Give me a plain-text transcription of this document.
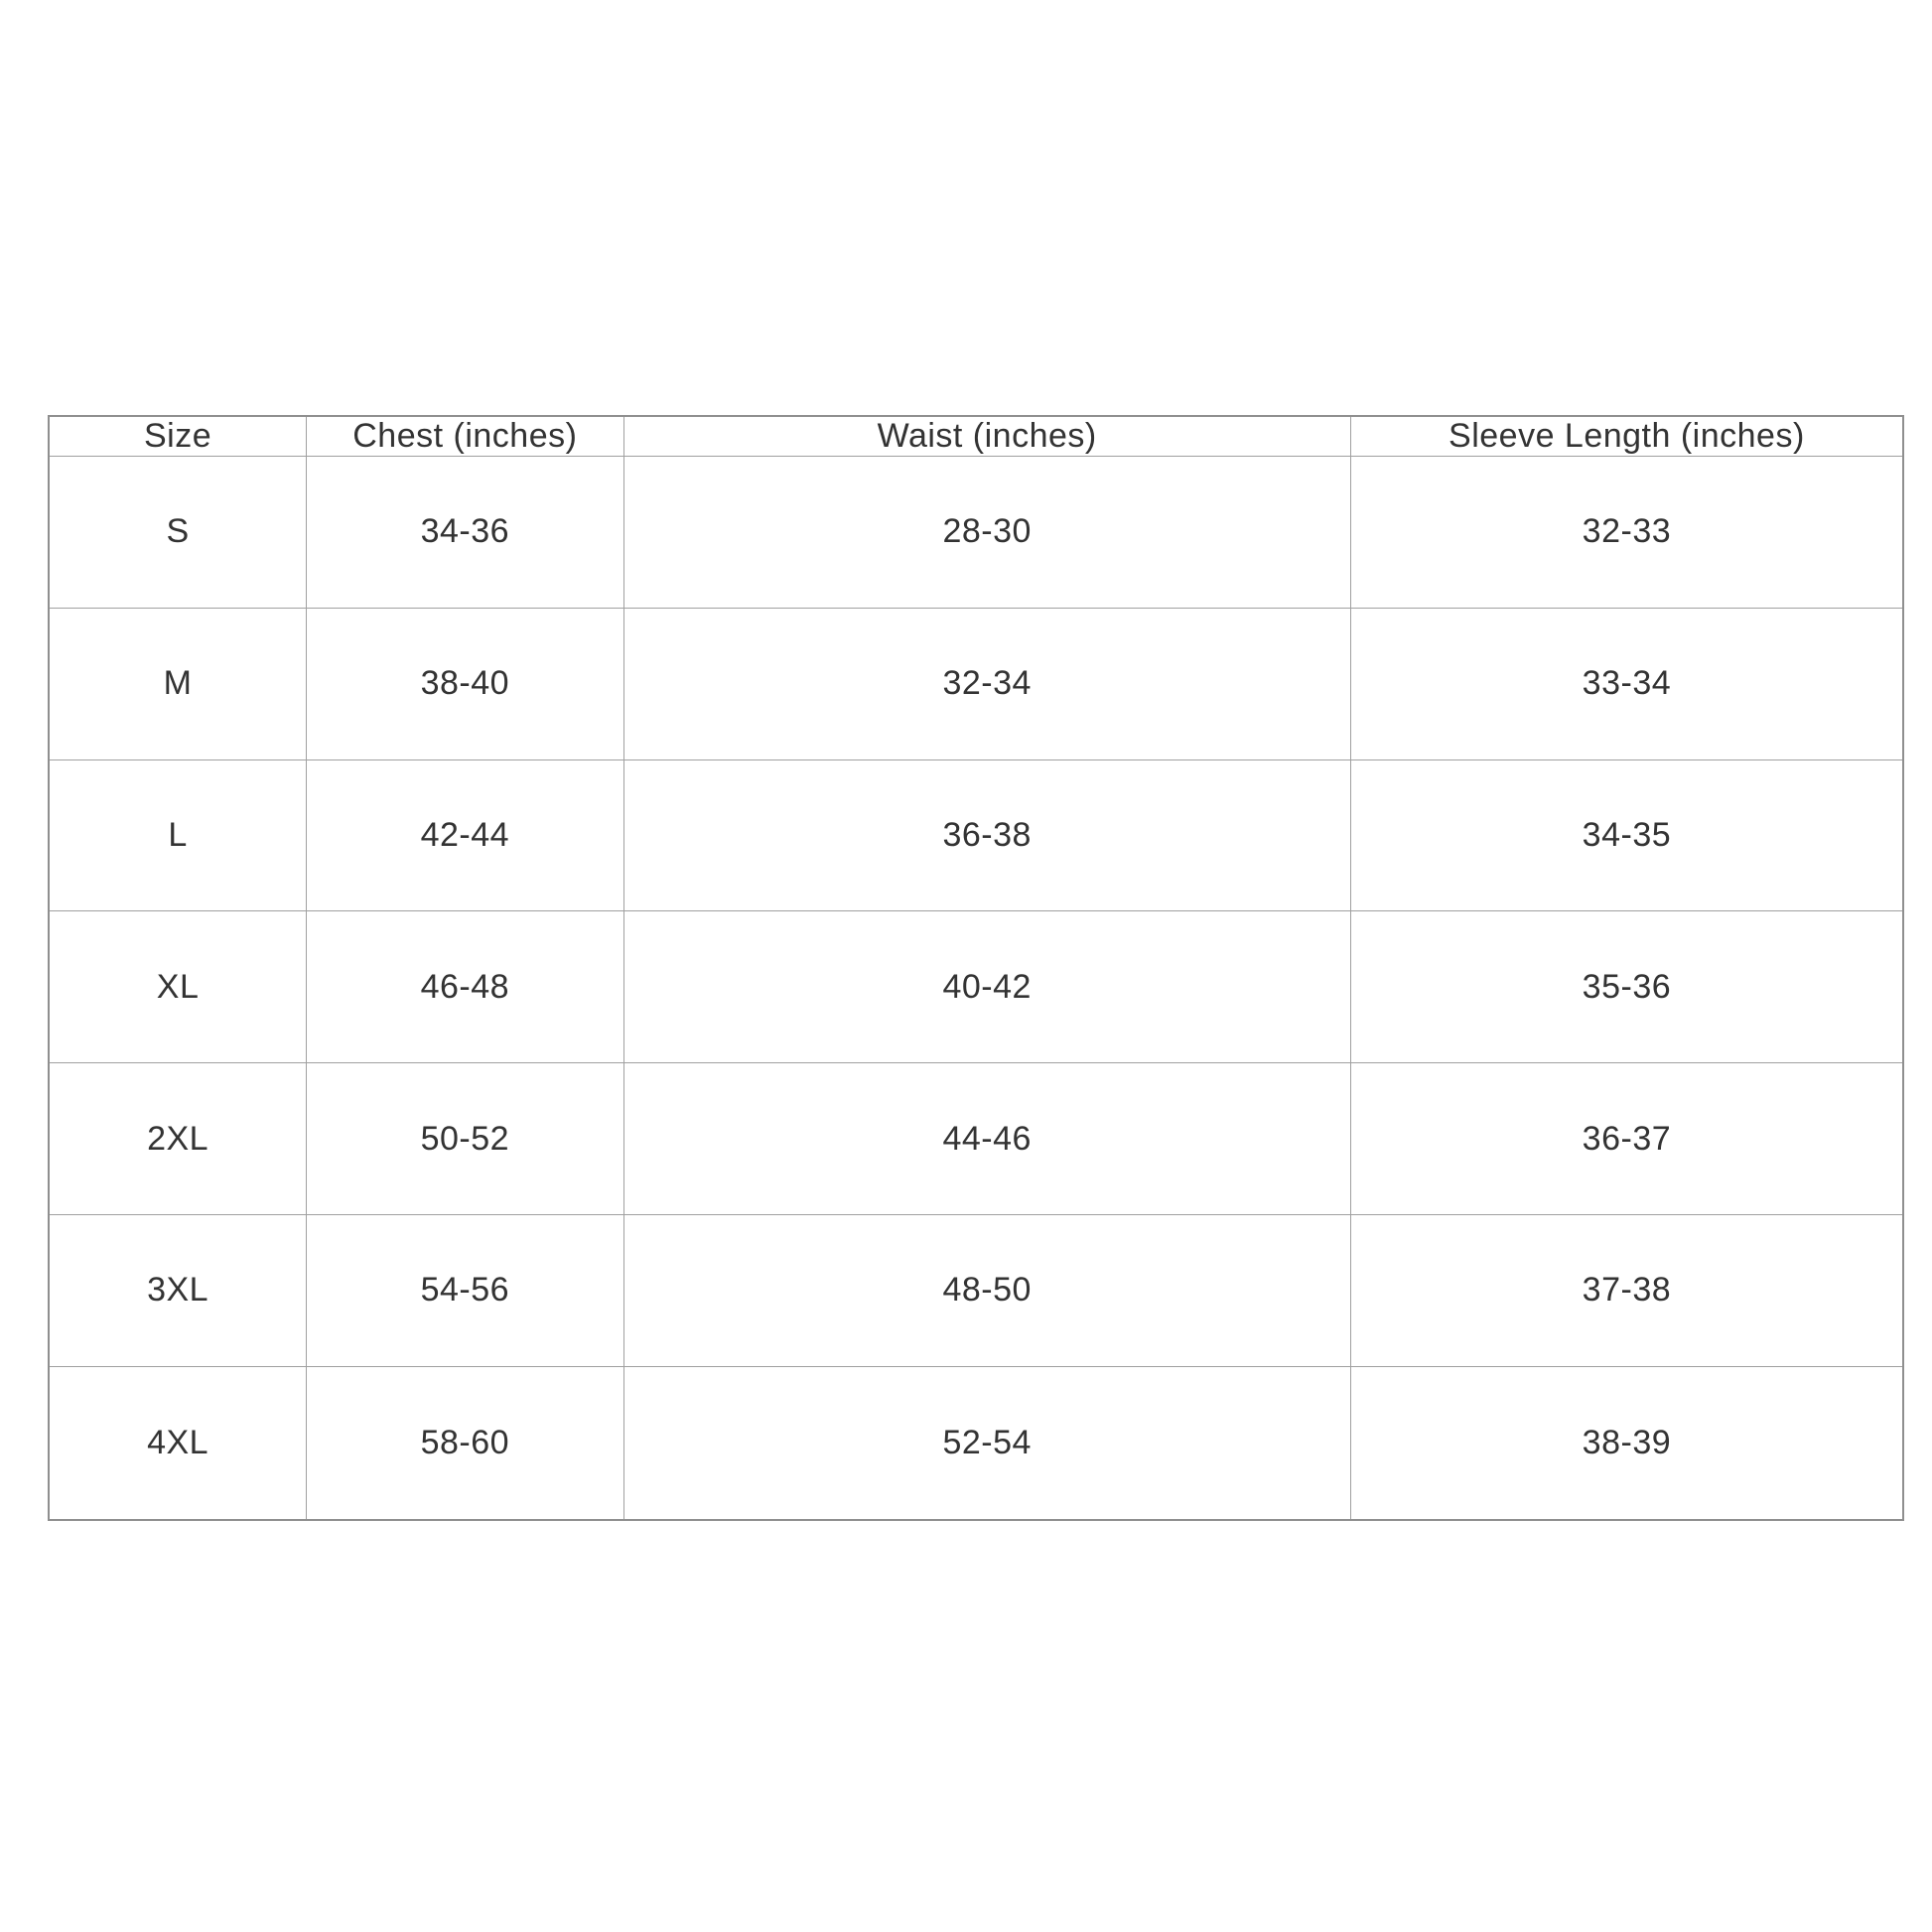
Size	Chest (inches)	Waist (inches)	Sleeve Length (inches)
S	34-36	28-30	32-33
M	38-40	32-34	33-34
L	42-44	36-38	34-35
XL	46-48	40-42	35-36
2XL	50-52	44-46	36-37
3XL	54-56	48-50	37-38
4XL	58-60	52-54	38-39
